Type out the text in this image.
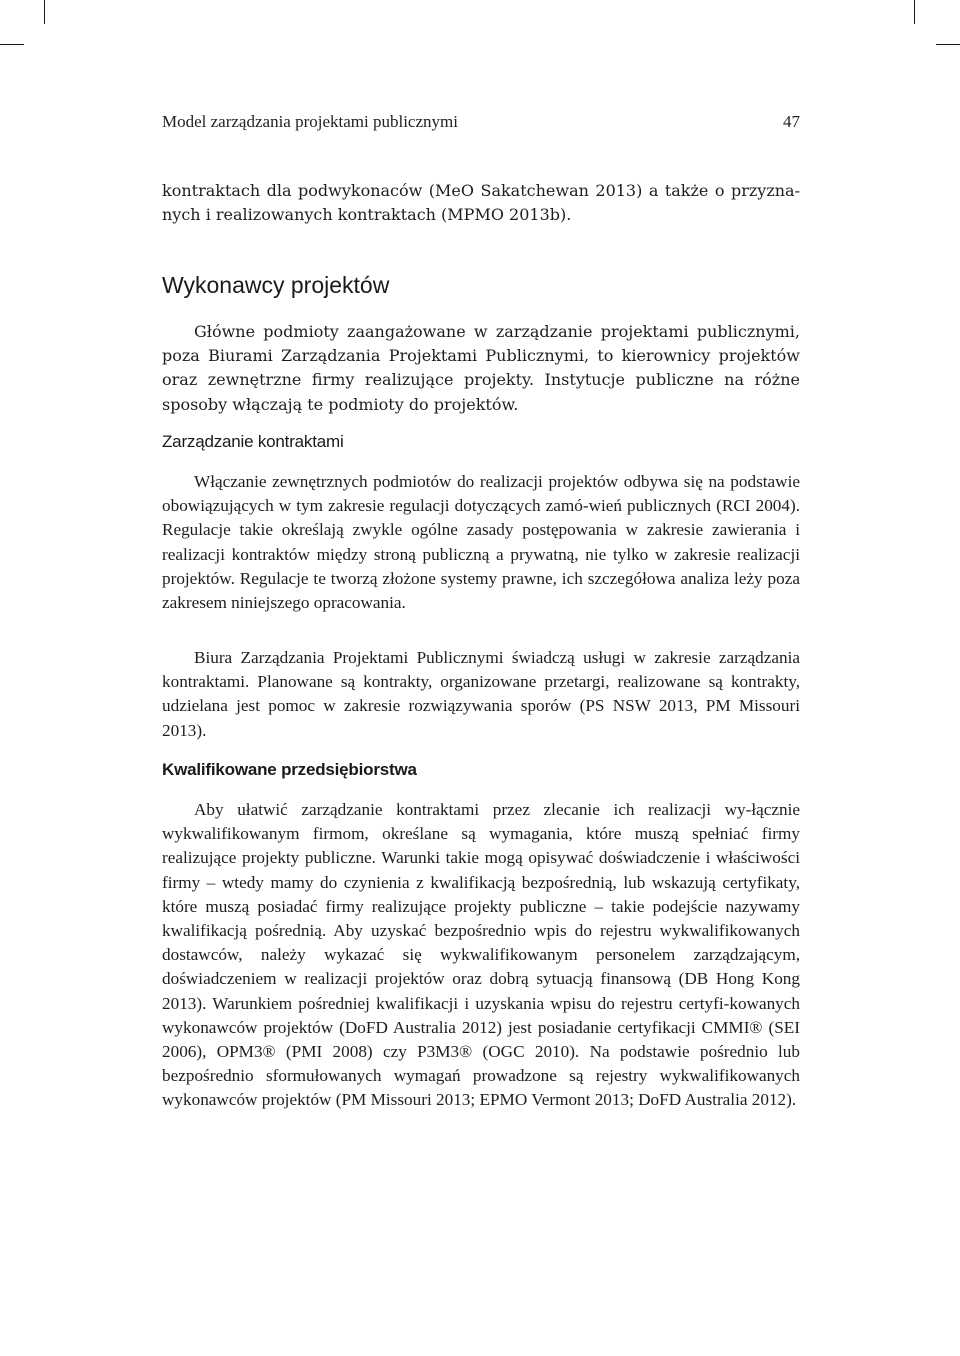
Model zarządzania projektami publicznymi	47

kontraktach dla podwykonaców (MeO Sakatchewan 2013) a także o przyzna-nych i realizowanych kontraktach (MPMO 2013b).

Wykonawcy projektów

Główne podmioty zaangażowane w zarządzanie projektami publicznymi, poza Biurami Zarządzania Projektami Publicznymi, to kierownicy projektów oraz zewnętrzne firmy realizujące projekty. Instytucje publiczne na różne sposoby włączają te podmioty do projektów.

Zarządzanie kontraktami

Włączanie zewnętrznych podmiotów do realizacji projektów odbywa się na podstawie obowiązujących w tym zakresie regulacji dotyczących zamó-wień publicznych (RCI 2004). Regulacje takie określają zwykle ogólne zasady postępowania w zakresie zawierania i realizacji kontraktów między stroną publiczną a prywatną, nie tylko w zakresie realizacji projektów. Regulacje te tworzą złożone systemy prawne, ich szczegółowa analiza leży poza zakresem niniejszego opracowania.

Biura Zarządzania Projektami Publicznymi świadczą usługi w zakresie zarządzania kontraktami. Planowane są kontrakty, organizowane przetargi, realizowane są kontrakty, udzielana jest pomoc w zakresie rozwiązywania sporów (PS NSW 2013, PM Missouri 2013).

Kwalifikowane przedsiębiorstwa

Aby ułatwić zarządzanie kontraktami przez zlecanie ich realizacji wy-łącznie wykwalifikowanym firmom, określane są wymagania, które muszą spełniać firmy realizujące projekty publiczne. Warunki takie mogą opisywać doświadczenie i właściwości firmy – wtedy mamy do czynienia z kwalifikacją bezpośrednią, lub wskazują certyfikaty, które muszą posiadać firmy realizujące projekty publiczne – takie podejście nazywamy kwalifikacją pośrednią. Aby uzyskać bezpośrednio wpis do rejestru wykwalifikowanych dostawców, należy wykazać się wykwalifikowanym personelem zarządzającym, doświadczeniem w realizacji projektów oraz dobrą sytuacją finansową (DB Hong Kong 2013). Warunkiem pośredniej kwalifikacji i uzyskania wpisu do rejestru certyfi-kowanych wykonawców projektów (DoFD Australia 2012) jest posiadanie certyfikacji CMMI® (SEI 2006), OPM3® (PMI 2008) czy P3M3® (OGC 2010). Na podstawie pośrednio lub bezpośrednio sformułowanych wymagań prowadzone są rejestry wykwalifikowanych wykonawców projektów (PM Missouri 2013; EPMO Vermont 2013; DoFD Australia 2012).
